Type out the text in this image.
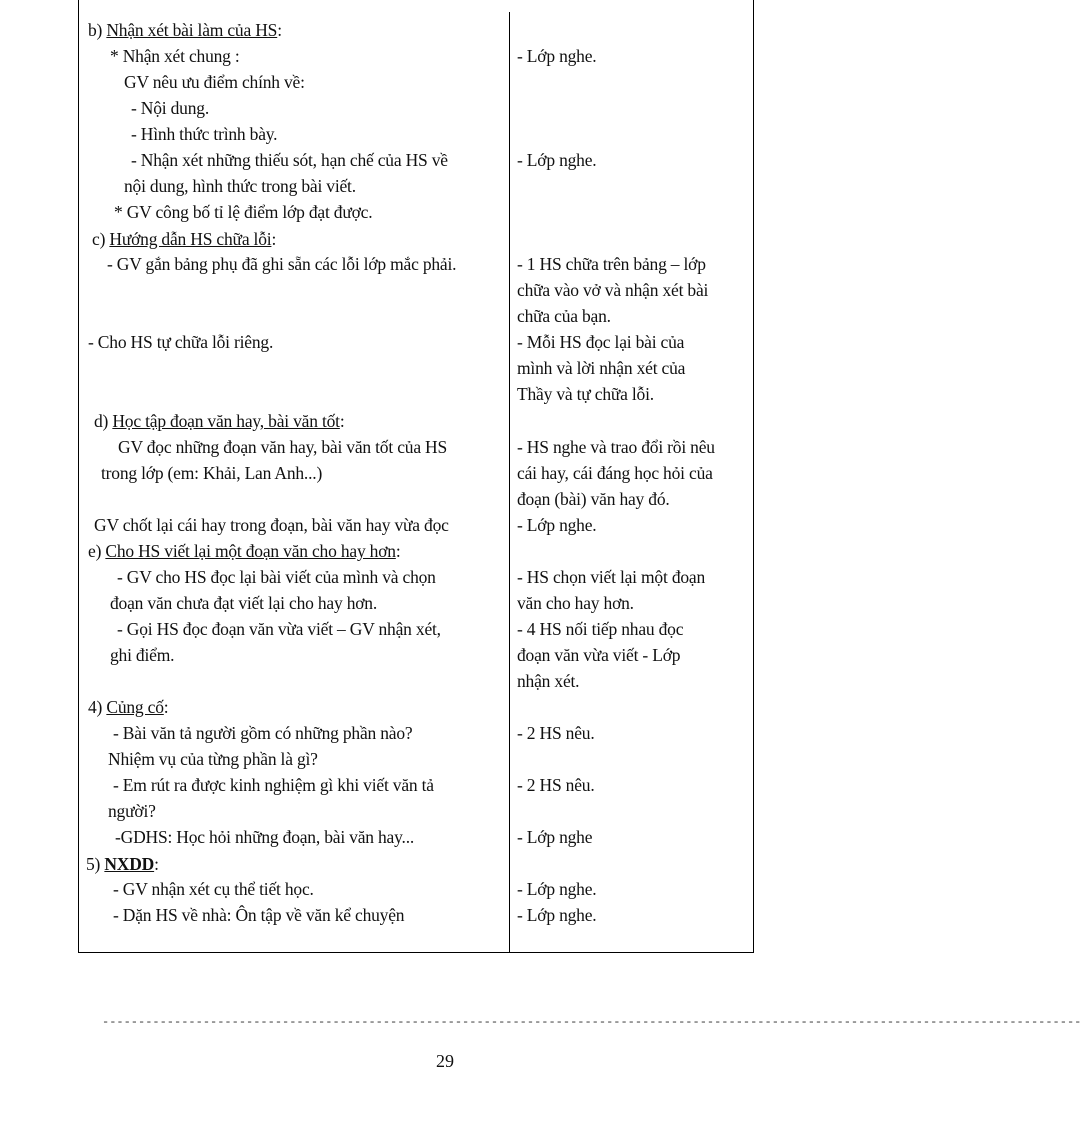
b) Nhận xét bài làm của HS:
* Nhận xét chung :
GV nêu ưu điểm chính về:
- Nội dung.
- Hình thức trình bày.
- Nhận xét những thiếu sót, hạn chế của HS về
nội dung, hình thức trong bài viết.
* GV công bố tỉ lệ điểm lớp đạt được.
c) Hướng dẫn HS chữa lỗi:
- GV gắn bảng phụ đã ghi sẵn các lỗi lớp mắc phải.
- Cho HS tự chữa lỗi riêng.
d) Học tập đoạn văn hay, bài văn tốt:
GV đọc những đoạn văn hay, bài văn tốt của HS
trong lớp (em: Khải, Lan Anh...)
GV chốt lại cái hay trong đoạn, bài văn hay vừa đọc
e) Cho HS viết lại một đoạn văn cho hay hơn:
- GV cho HS đọc lại bài viết của mình và chọn
đoạn văn chưa đạt viết lại cho hay hơn.
- Gọi HS đọc đoạn văn vừa viết – GV nhận xét,
ghi điểm.
4) Củng cố:
- Bài văn tả người gồm có những phần nào?
Nhiệm vụ của từng phần là gì?
- Em rút ra được kinh nghiệm gì khi viết văn tả
người?
-GDHS: Học hỏi những đoạn, bài văn hay...
5) NXDD:
- GV nhận xét cụ thể tiết học.
- Dặn HS về nhà: Ôn tập về văn kể chuyện
- Lớp nghe.
- Lớp nghe.
- 1 HS chữa trên bảng – lớp
chữa vào vở và nhận xét bài
chữa của bạn.
- Mỗi HS đọc lại bài của
mình và lời nhận xét của
Thầy và tự chữa lỗi.
- HS nghe và trao đổi rồi nêu
cái hay, cái đáng học hỏi của
đoạn (bài) văn hay đó.
- Lớp nghe.
- HS chọn viết lại một đoạn
văn cho hay hơn.
- 4 HS nối tiếp nhau đọc
đoạn văn vừa viết - Lớp
nhận xét.
- 2 HS nêu.
- 2 HS nêu.
- Lớp nghe
- Lớp nghe.
- Lớp nghe.
----------------------------------------------------------------------------------------------------------------------------------------
29
